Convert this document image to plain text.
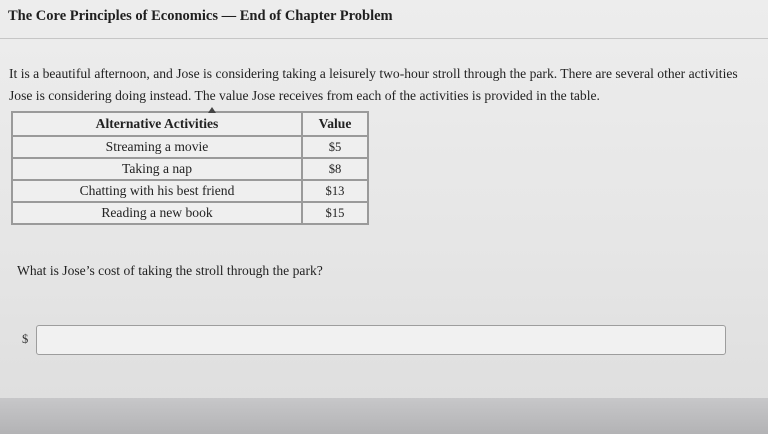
The Core Principles of Economics — End of Chapter Problem

It is a beautiful afternoon, and Jose is considering taking a leisurely two-hour stroll through the park. There are several other activities Jose is considering doing instead. The value Jose receives from each of the activities is provided in the table.

Alternative Activities	Value
Streaming a movie	$5
Taking a nap	$8
Chatting with his best friend	$13
Reading a new book	$15

What is Jose’s cost of taking the stroll through the park?

$
